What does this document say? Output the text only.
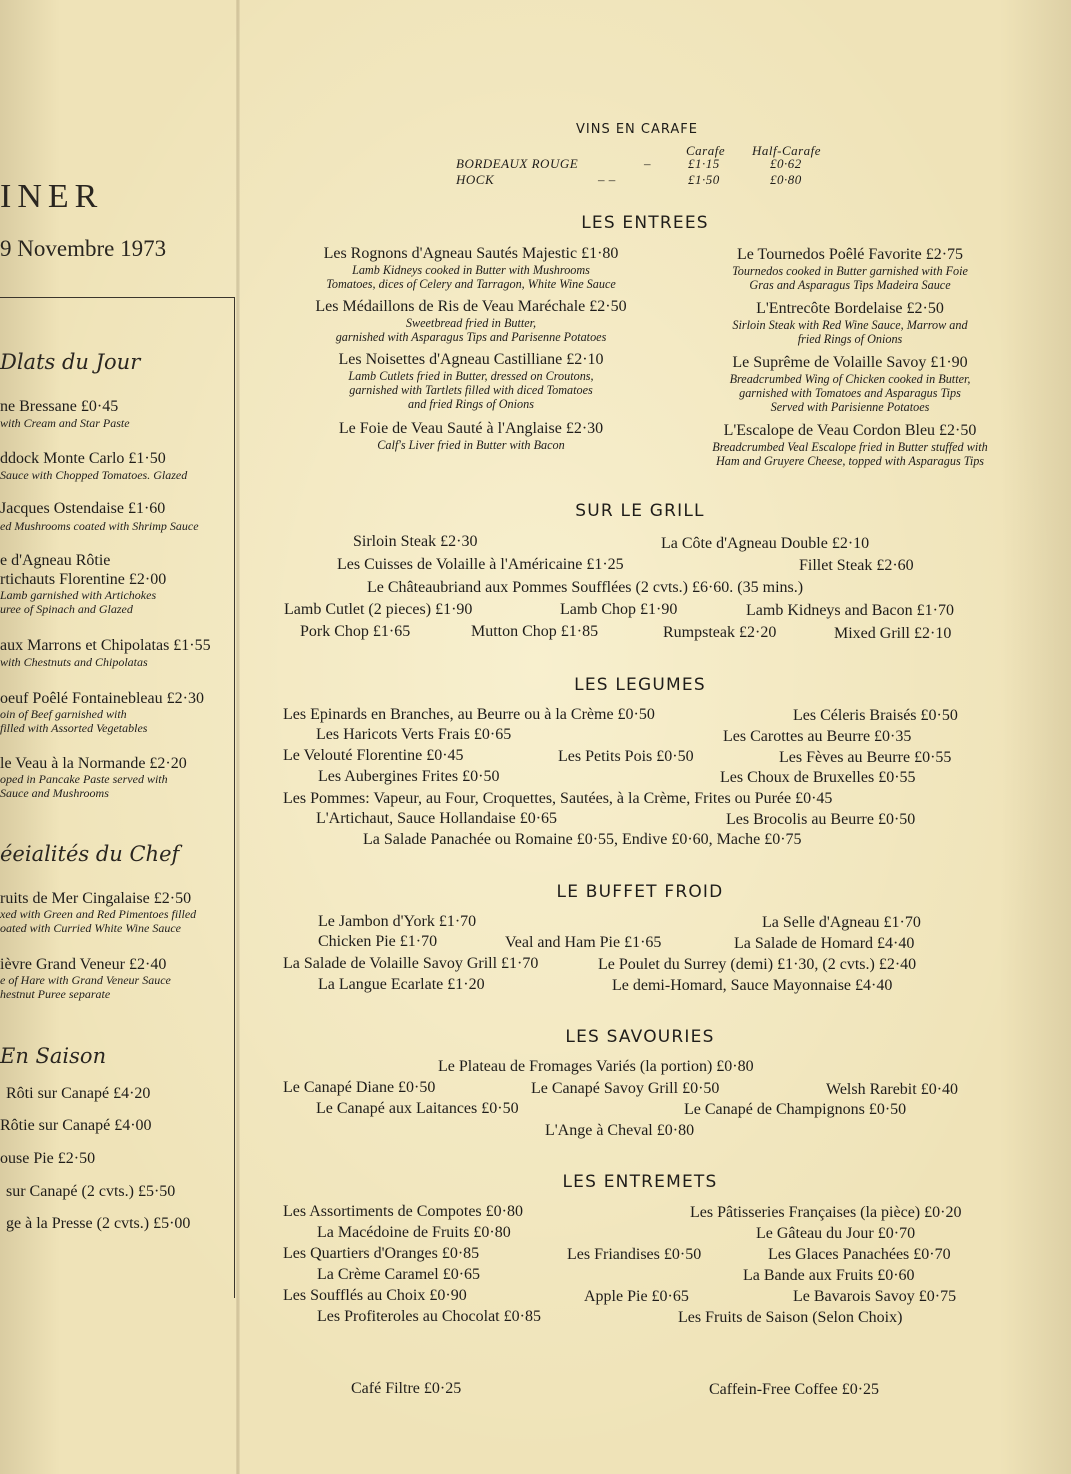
INER
9 Novembre 1973
Dlats du Jour
ne Bressane £0·45
with Cream and Star Paste
ddock Monte Carlo £1·50
Sauce with Chopped Tomatoes. Glazed
Jacques Ostendaise £1·60
ed Mushrooms coated with Shrimp Sauce
e d'Agneau Rôtie
rtichauts Florentine £2·00
Lamb garnished with Artichokes
uree of Spinach and Glazed
aux Marrons et Chipolatas £1·55
with Chestnuts and Chipolatas
oeuf Poêlé Fontainebleau £2·30
oin of Beef garnished with
filled with Assorted Vegetables
le Veau à la Normande £2·20
oped in Pancake Paste served with
Sauce and Mushrooms
éeialités du Chef
ruits de Mer Cingalaise £2·50
xed with Green and Red Pimentoes filled
oated with Curried White Wine Sauce
ièvre Grand Veneur £2·40
e of Hare with Grand Veneur Sauce
hestnut Puree separate
En Saison
Rôti sur Canapé £4·20
Rôtie sur Canapé £4·00
ouse Pie £2·50
sur Canapé (2 cvts.) £5·50
ge à la Presse (2 cvts.) £5·00
VINS EN CARAFE
Carafe Half-Carafe
BORDEAUX ROUGE	–	£1·15	£0·62
HOCK	– –	£1·50	£0·80
LES ENTREES
Les Rognons d'Agneau Sautés Majestic £1·80
Lamb Kidneys cooked in Butter with Mushrooms
Tomatoes, dices of Celery and Tarragon, White Wine Sauce
Les Médaillons de Ris de Veau Maréchale £2·50
Sweetbread fried in Butter,
garnished with Asparagus Tips and Parisenne Potatoes
Les Noisettes d'Agneau Castilliane £2·10
Lamb Cutlets fried in Butter, dressed on Croutons,
garnished with Tartlets filled with diced Tomatoes
and fried Rings of Onions
Le Foie de Veau Sauté à l'Anglaise £2·30
Calf's Liver fried in Butter with Bacon
Le Tournedos Poêlé Favorite £2·75
Tournedos cooked in Butter garnished with Foie
Gras and Asparagus Tips Madeira Sauce
L'Entrecôte Bordelaise £2·50
Sirloin Steak with Red Wine Sauce, Marrow and
fried Rings of Onions
Le Suprême de Volaille Savoy £1·90
Breadcrumbed Wing of Chicken cooked in Butter,
garnished with Tomatoes and Asparagus Tips
Served with Parisienne Potatoes
L'Escalope de Veau Cordon Bleu £2·50
Breadcrumbed Veal Escalope fried in Butter stuffed with
Ham and Gruyere Cheese, topped with Asparagus Tips
SUR LE GRILL
Sirloin Steak £2·30	La Côte d'Agneau Double £2·10
Les Cuisses de Volaille à l'Américaine £1·25	Fillet Steak £2·60
Le Châteaubriand aux Pommes Soufflées (2 cvts.) £6·60. (35 mins.)
Lamb Cutlet (2 pieces) £1·90	Lamb Chop £1·90	Lamb Kidneys and Bacon £1·70
Pork Chop £1·65	Mutton Chop £1·85	Rumpsteak £2·20	Mixed Grill £2·10
LES LEGUMES
Les Epinards en Branches, au Beurre ou à la Crème £0·50	Les Céleris Braisés £0·50
Les Haricots Verts Frais £0·65	Les Carottes au Beurre £0·35
Le Velouté Florentine £0·45	Les Petits Pois £0·50	Les Fèves au Beurre £0·55
Les Aubergines Frites £0·50	Les Choux de Bruxelles £0·55
Les Pommes: Vapeur, au Four, Croquettes, Sautées, à la Crème, Frites ou Purée £0·45
L'Artichaut, Sauce Hollandaise £0·65	Les Brocolis au Beurre £0·50
La Salade Panachée ou Romaine £0·55, Endive £0·60, Mache £0·75
LE BUFFET FROID
Le Jambon d'York £1·70	La Selle d'Agneau £1·70
Chicken Pie £1·70	Veal and Ham Pie £1·65	La Salade de Homard £4·40
La Salade de Volaille Savoy Grill £1·70	Le Poulet du Surrey (demi) £1·30, (2 cvts.) £2·40
La Langue Ecarlate £1·20	Le demi-Homard, Sauce Mayonnaise £4·40
LES SAVOURIES
Le Plateau de Fromages Variés (la portion) £0·80
Le Canapé Diane £0·50	Le Canapé Savoy Grill £0·50	Welsh Rarebit £0·40
Le Canapé aux Laitances £0·50	Le Canapé de Champignons £0·50
L'Ange à Cheval £0·80
LES ENTREMETS
Les Assortiments de Compotes £0·80	Les Pâtisseries Françaises (la pièce) £0·20
La Macédoine de Fruits £0·80	Le Gâteau du Jour £0·70
Les Quartiers d'Oranges £0·85	Les Friandises £0·50	Les Glaces Panachées £0·70
La Crème Caramel £0·65	La Bande aux Fruits £0·60
Les Soufflés au Choix £0·90	Apple Pie £0·65	Le Bavarois Savoy £0·75
Les Profiteroles au Chocolat £0·85	Les Fruits de Saison (Selon Choix)
Café Filtre £0·25	Caffein-Free Coffee £0·25
